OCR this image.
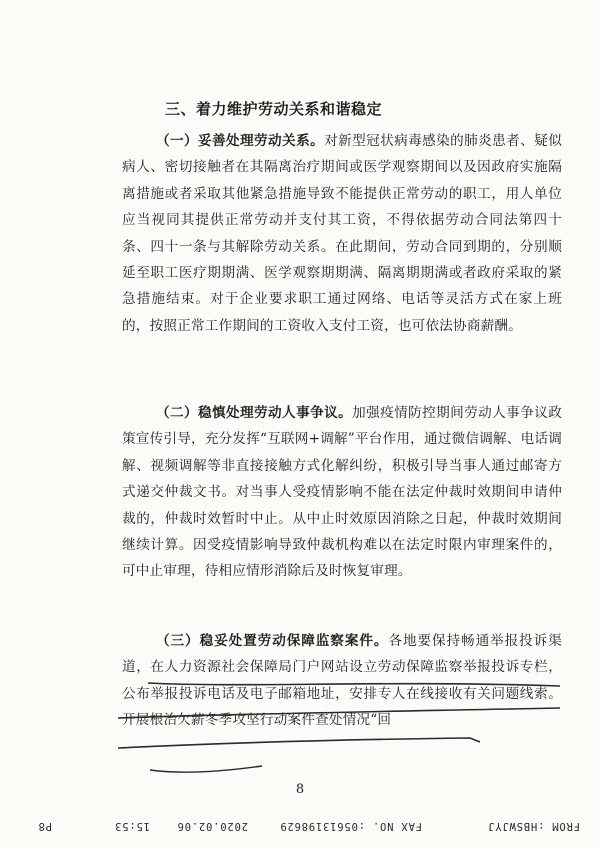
三、着力维护劳动关系和谐稳定
（一）妥善处理劳动关系。对新型冠状病毒感染的肺炎患者、疑似病人、密切接触者在其隔离治疗期间或医学观察期间以及因政府实施隔离措施或者采取其他紧急措施导致不能提供正常劳动的职工，用人单位应当视同其提供正常劳动并支付其工资，不得依据劳动合同法第四十条、四十一条与其解除劳动关系。在此期间，劳动合同到期的，分别顺延至职工医疗期期满、医学观察期期满、隔离期期满或者政府采取的紧急措施结束。对于企业要求职工通过网络、电话等灵活方式在家上班的，按照正常工作期间的工资收入支付工资，也可依法协商薪酬。
（二）稳慎处理劳动人事争议。加强疫情防控期间劳动人事争议政策宣传引导，充分发挥“互联网+调解”平台作用，通过微信调解、电话调解、视频调解等非直接接触方式化解纠纷，积极引导当事人通过邮寄方式递交仲裁文书。对当事人受疫情影响不能在法定仲裁时效期间申请仲裁的，仲裁时效暂时中止。从中止时效原因消除之日起，仲裁时效期间继续计算。因受疫情影响导致仲裁机构难以在法定时限内审理案件的，可中止审理，待相应情形消除后及时恢复审理。
（三）稳妥处置劳动保障监察案件。各地要保持畅通举报投诉渠道，在人力资源社会保障局门户网站设立劳动保障监察举报投诉专栏，公布举报投诉电话及电子邮箱地址，安排专人在线接收有关问题线索。开展根治欠薪冬季攻坚行动案件查处情况“回
8
FROM :HBSWJYJ
FAX NO. :05613198629
2020.02.06
15:53
P8
